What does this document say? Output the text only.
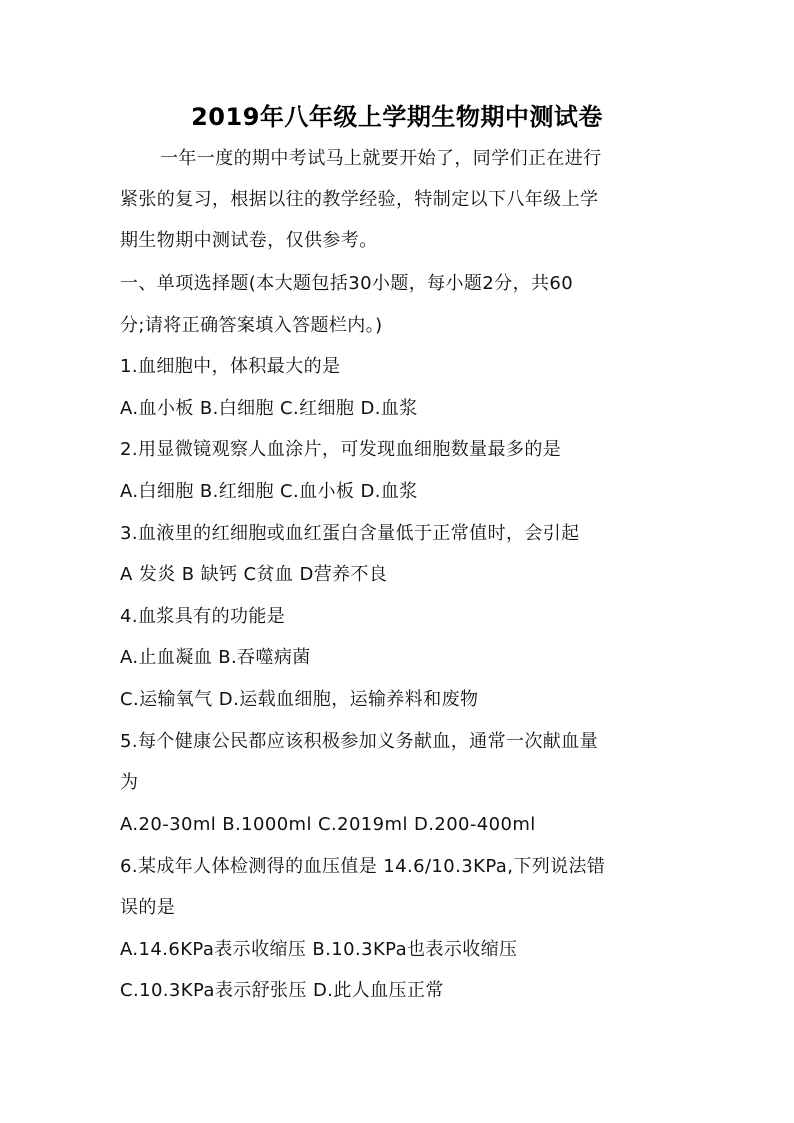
2019年八年级上学期生物期中测试卷
一年一度的期中考试马上就要开始了，同学们正在进行
紧张的复习，根据以往的教学经验，特制定以下八年级上学
期生物期中测试卷，仅供参考。
一、单项选择题(本大题包括30小题，每小题2分，共60
分;请将正确答案填入答题栏内。)
1.血细胞中，体积最大的是
A.血小板 B.白细胞 C.红细胞 D.血浆
2.用显微镜观察人血涂片，可发现血细胞数量最多的是
A.白细胞 B.红细胞 C.血小板 D.血浆
3.血液里的红细胞或血红蛋白含量低于正常值时，会引起
A 发炎 B 缺钙 C贫血 D营养不良
4.血浆具有的功能是
A.止血凝血 B.吞噬病菌
C.运输氧气 D.运载血细胞，运输养料和废物
5.每个健康公民都应该积极参加义务献血，通常一次献血量
为
A.20-30ml B.1000ml C.2019ml D.200-400ml
6.某成年人体检测得的血压值是 14.6/10.3KPa,下列说法错
误的是
A.14.6KPa表示收缩压 B.10.3KPa也表示收缩压
C.10.3KPa表示舒张压 D.此人血压正常
